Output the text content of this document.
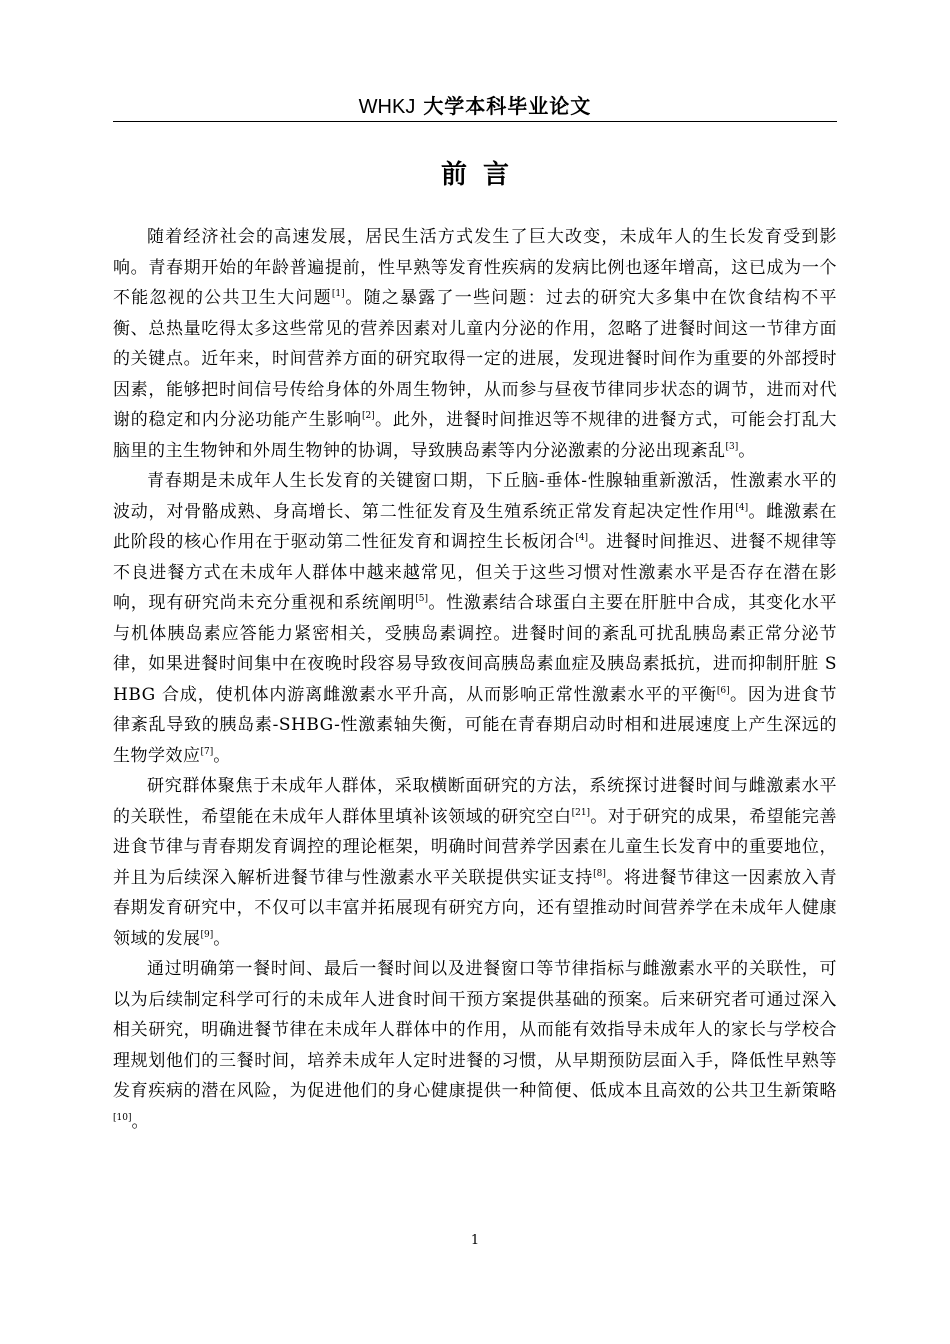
WHKJ 大学本科毕业论文
前言

随着经济社会的高速发展，居民生活方式发生了巨大改变，未成年人的生长发育受到影响。青春期开始的年龄普遍提前，性早熟等发育性疾病的发病比例也逐年增高，这已成为一个不能忽视的公共卫生大问题[1]。随之暴露了一些问题：过去的研究大多集中在饮食结构不平衡、总热量吃得太多这些常见的营养因素对儿童内分泌的作用，忽略了进餐时间这一节律方面的关键点。近年来，时间营养方面的研究取得一定的进展，发现进餐时间作为重要的外部授时因素，能够把时间信号传给身体的外周生物钟，从而参与昼夜节律同步状态的调节，进而对代谢的稳定和内分泌功能产生影响[2]。此外，进餐时间推迟等不规律的进餐方式，可能会打乱大脑里的主生物钟和外周生物钟的协调，导致胰岛素等内分泌激素的分泌出现紊乱[3]。

青春期是未成年人生长发育的关键窗口期，下丘脑-垂体-性腺轴重新激活，性激素水平的波动，对骨骼成熟、身高增长、第二性征发育及生殖系统正常发育起决定性作用[4]。雌激素在此阶段的核心作用在于驱动第二性征发育和调控生长板闭合[4]。进餐时间推迟、进餐不规律等不良进餐方式在未成年人群体中越来越常见，但关于这些习惯对性激素水平是否存在潜在影响，现有研究尚未充分重视和系统阐明[5]。性激素结合球蛋白主要在肝脏中合成，其变化水平与机体胰岛素应答能力紧密相关，受胰岛素调控。进餐时间的紊乱可扰乱胰岛素正常分泌节律，如果进餐时间集中在夜晚时段容易导致夜间高胰岛素血症及胰岛素抵抗，进而抑制肝脏 SHBG 合成，使机体内游离雌激素水平升高，从而影响正常性激素水平的平衡[6]。因为进食节律紊乱导致的胰岛素-SHBG-性激素轴失衡，可能在青春期启动时相和进展速度上产生深远的生物学效应[7]。

研究群体聚焦于未成年人群体，采取横断面研究的方法，系统探讨进餐时间与雌激素水平的关联性，希望能在未成年人群体里填补该领域的研究空白[21]。对于研究的成果，希望能完善进食节律与青春期发育调控的理论框架，明确时间营养学因素在儿童生长发育中的重要地位，并且为后续深入解析进餐节律与性激素水平关联提供实证支持[8]。将进餐节律这一因素放入青春期发育研究中，不仅可以丰富并拓展现有研究方向，还有望推动时间营养学在未成年人健康领域的发展[9]。

通过明确第一餐时间、最后一餐时间以及进餐窗口等节律指标与雌激素水平的关联性，可以为后续制定科学可行的未成年人进食时间干预方案提供基础的预案。后来研究者可通过深入相关研究，明确进餐节律在未成年人群体中的作用，从而能有效指导未成年人的家长与学校合理规划他们的三餐时间，培养未成年人定时进餐的习惯，从早期预防层面入手，降低性早熟等发育疾病的潜在风险，为促进他们的身心健康提供一种简便、低成本且高效的公共卫生新策略[10]。

1
